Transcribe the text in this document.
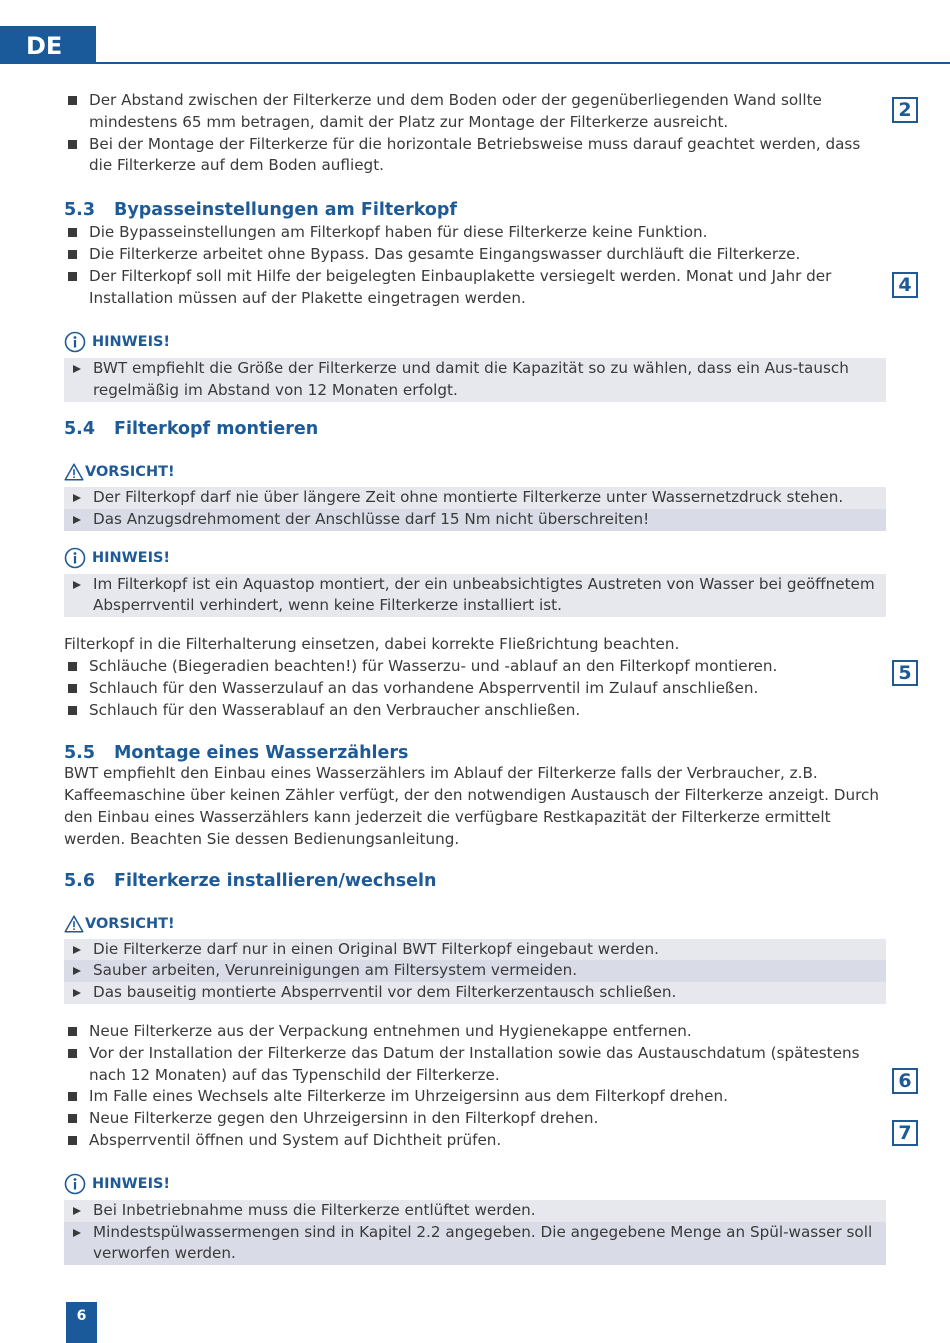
DE
2
4
5
6
7
Der Abstand zwischen der Filterkerze und dem Boden oder der gegenüberliegenden Wand sollte mindestens 65 mm betragen, damit der Platz zur Montage der Filterkerze ausreicht.
Bei der Montage der Filterkerze für die horizontale Betriebsweise muss darauf geachtet werden, dass die Filterkerze auf dem Boden aufliegt.
5.3 Bypasseinstellungen am Filterkopf
Die Bypasseinstellungen am Filterkopf haben für diese Filterkerze keine Funktion.
Die Filterkerze arbeitet ohne Bypass. Das gesamte Eingangswasser durchläuft die Filterkerze.
Der Filterkopf soll mit Hilfe der beigelegten Einbauplakette versiegelt werden. Monat und Jahr der Installation müssen auf der Plakette eingetragen werden.
HINWEIS!
BWT empfiehlt die Größe der Filterkerze und damit die Kapazität so zu wählen, dass ein Aus-tausch regelmäßig im Abstand von 12 Monaten erfolgt.
5.4 Filterkopf montieren
VORSICHT!
Der Filterkopf darf nie über längere Zeit ohne montierte Filterkerze unter Wassernetzdruck stehen.
Das Anzugsdrehmoment der Anschlüsse darf 15 Nm nicht überschreiten!
HINWEIS!
Im Filterkopf ist ein Aquastop montiert, der ein unbeabsichtigtes Austreten von Wasser bei geöffnetem Absperrventil verhindert, wenn keine Filterkerze installiert ist.

Filterkopf in die Filterhalterung einsetzen, dabei korrekte Fließrichtung beachten.

Schläuche (Biegeradien beachten!) für Wasserzu- und -ablauf an den Filterkopf montieren.
Schlauch für den Wasserzulauf an das vorhandene Absperrventil im Zulauf anschließen.
Schlauch für den Wasserablauf an den Verbraucher anschließen.
5.5 Montage eines Wasserzählers

BWT empfiehlt den Einbau eines Wasserzählers im Ablauf der Filterkerze falls der Verbraucher, z.B. Kaffeemaschine über keinen Zähler verfügt, der den notwendigen Austausch der Filterkerze anzeigt. Durch den Einbau eines Wasserzählers kann jederzeit die verfügbare Restkapazität der Filterkerze ermittelt werden. Beachten Sie dessen Bedienungsanleitung.

5.6 Filterkerze installieren/wechseln
VORSICHT!
Die Filterkerze darf nur in einen Original BWT Filterkopf eingebaut werden.
Sauber arbeiten, Verunreinigungen am Filtersystem vermeiden.
Das bauseitig montierte Absperrventil vor dem Filterkerzentausch schließen.
Neue Filterkerze aus der Verpackung entnehmen und Hygienekappe entfernen.
Vor der Installation der Filterkerze das Datum der Installation sowie das Austauschdatum (spätestens nach 12 Monaten) auf das Typenschild der Filterkerze.
Im Falle eines Wechsels alte Filterkerze im Uhrzeigersinn aus dem Filterkopf drehen.
Neue Filterkerze gegen den Uhrzeigersinn in den Filterkopf drehen.
Absperrventil öffnen und System auf Dichtheit prüfen.
HINWEIS!
Bei Inbetriebnahme muss die Filterkerze entlüftet werden.
Mindestspülwassermengen sind in Kapitel 2.2 angegeben. Die angegebene Menge an Spül-wasser soll verworfen werden.
6
